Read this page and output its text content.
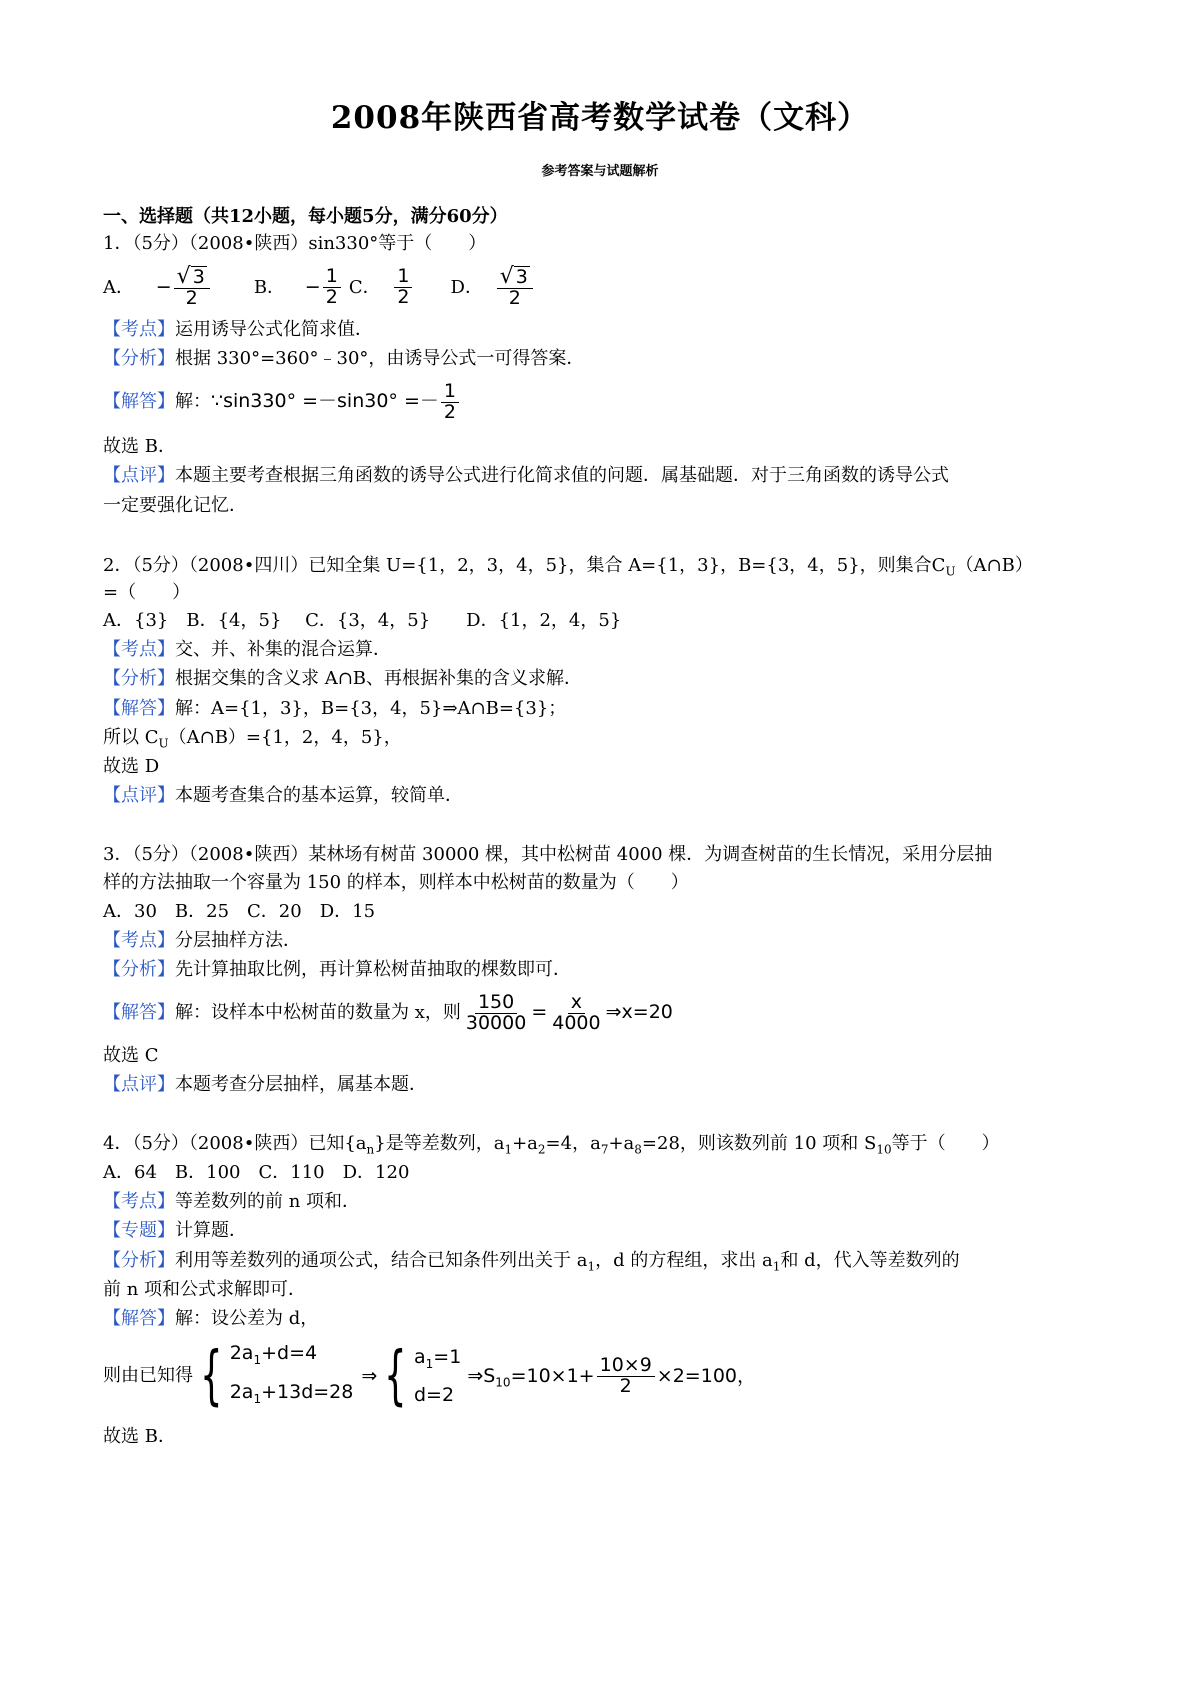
2008年陕西省高考数学试卷（文科）
参考答案与试题解析
一、选择题（共12小题，每小题5分，满分60分）
1．（5分）（2008•陕西）sin330°等于（　　）
A． − $\frac{√ 3}{2}$ B． − $\frac{1}{2}$ C． $\frac{1}{2}$ D． $\frac{√ 3}{2}$
【考点】运用诱导公式化简求值．
【分析】根据 330°=360°﹣30°，由诱导公式一可得答案．
【解答】解：∵sin330° $=-\sin 30^\circ =- \frac{1}{2}$
故选 B．
【点评】本题主要考查根据三角函数的诱导公式进行化简求值的问题．属基础题．对于三角函数的诱导公式
一定要强化记忆．
2．（5分）（2008•四川）已知全集 U={1，2，3，4，5}，集合 A={1，3}，B={3，4，5}，则集合$C_U(A\cap B)$
=（　　）
A．{3}　B．{4，5}　 C．{3，4，5}　　D．{1，2，4，5}
【考点】交、并、补集的混合运算．
【分析】根据交集的含义求 A∩B、再根据补集的含义求解．
【解答】解：A={1，3}，B={3，4，5}⇒A∩B={3}；
所以 $C_U(A\cap B)=\{1$，2，4，5}，
故选 D
【点评】本题考查集合的基本运算，较简单．
3．（5分）（2008•陕西）某林场有树苗 30000 棵，其中松树苗 4000 棵．为调查树苗的生长情况，采用分层抽
样的方法抽取一个容量为 150 的样本，则样本中松树苗的数量为（　　）
A．30　B．25　C．20　D．15
【考点】分层抽样方法．
【分析】先计算抽取比例，再计算松树苗抽取的棵数即可．
【解答】解：设样本中松树苗的数量为 x，则 $\frac{150}{30000} = \frac{x}{4000}$ ⇒x=20
故选 C
【点评】本题考查分层抽样，属基本题．
4．（5分）（2008•陕西）已知$\{a_n\}$是等差数列，$a_1+a_2=4$，$a_7+a_8=28$，则该数列前 10 项和 $S_{10}$等于（　　）
A．64　B．100　C．110　D．120
【考点】等差数列的前 n 项和．
【专题】计算题．
【分析】利用等差数列的通项公式，结合已知条件列出关于 $a_1$，d 的方程组，求出 $a_1$和 d，代入等差数列的
前 n 项和公式求解即可．
【解答】解：设公差为 d，
则由已知得 { $2a_1+d=4$
$2a_1+13d=28$
⇒ { $a_1=1$
d=2
$\Rightarrow S_{10}=10\times 1+ \frac{10\times 9}{2} \times 2=100$，
故选 B．
